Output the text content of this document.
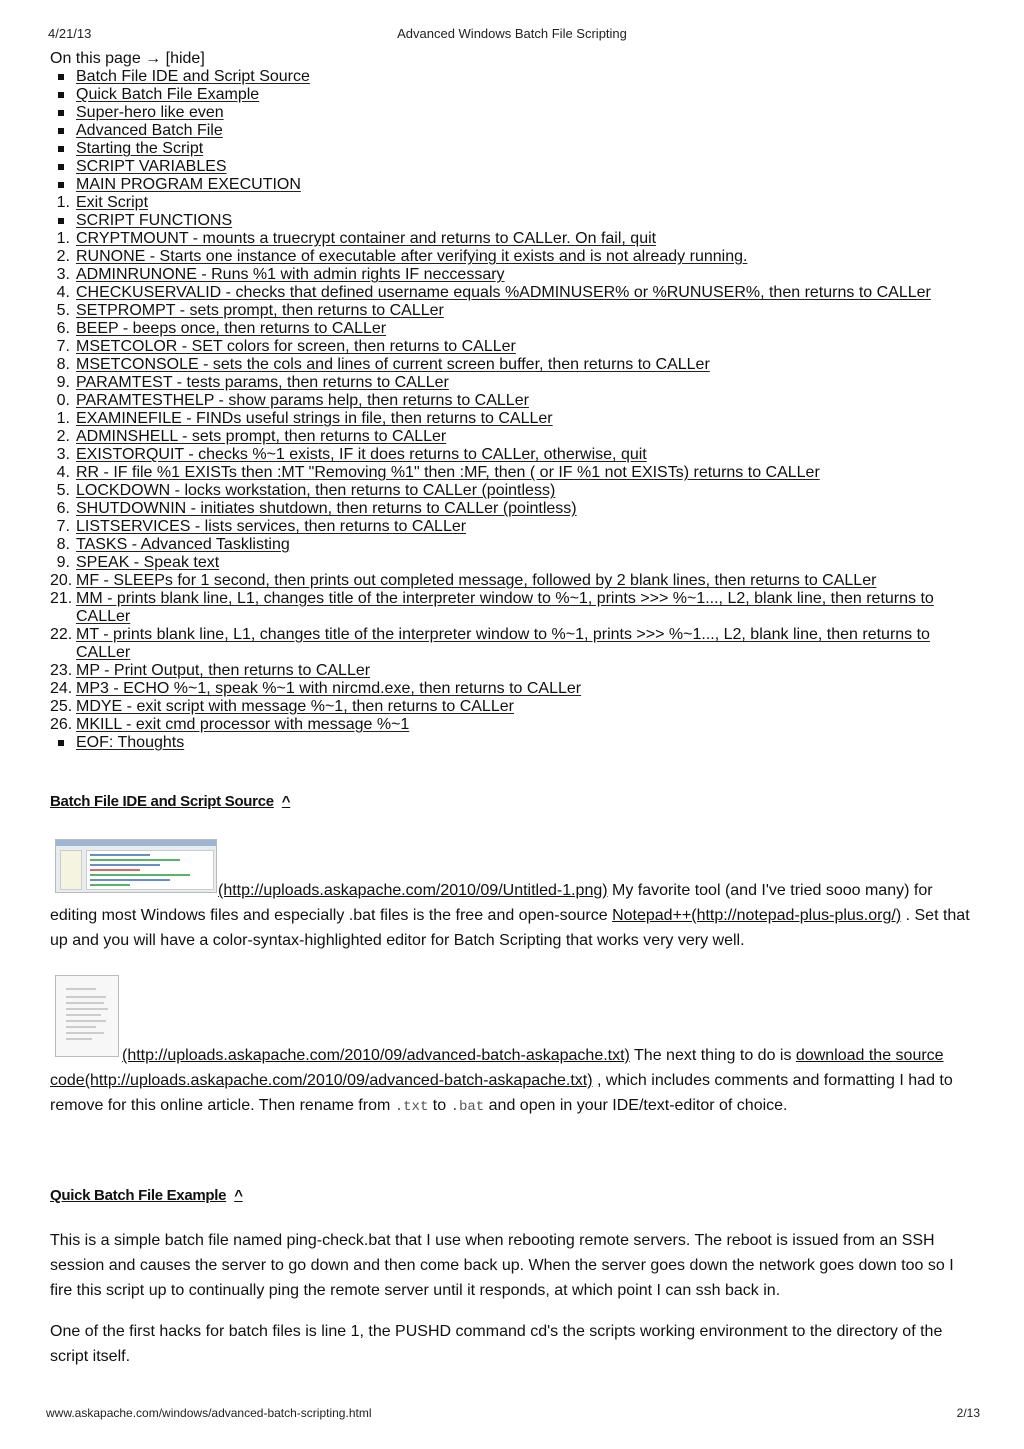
4/21/13	Advanced Windows Batch File Scripting
On this page → [hide]
Batch File IDE and Script Source
Quick Batch File Example
Super-hero like even
Advanced Batch File
Starting the Script
SCRIPT VARIABLES
MAIN PROGRAM EXECUTION
1. Exit Script
SCRIPT FUNCTIONS
1. CRYPTMOUNT - mounts a truecrypt container and returns to CALLer. On fail, quit
2. RUNONE - Starts one instance of executable after verifying it exists and is not already running.
3. ADMINRUNONE - Runs %1 with admin rights IF neccessary
4. CHECKUSERVALID - checks that defined username equals %ADMINUSER% or %RUNUSER%, then returns to CALLer
5. SETPROMPT - sets prompt, then returns to CALLer
6. BEEP - beeps once, then returns to CALLer
7. MSETCOLOR - SET colors for screen, then returns to CALLer
8. MSETCONSOLE - sets the cols and lines of current screen buffer, then returns to CALLer
9. PARAMTEST - tests params, then returns to CALLer
0. PARAMTESTHELP - show params help, then returns to CALLer
1. EXAMINEFILE - FINDs useful strings in file, then returns to CALLer
2. ADMINSHELL - sets prompt, then returns to CALLer
3. EXISTORQUIT - checks %~1 exists, IF it does returns to CALLer, otherwise, quit
4. RR - IF file %1 EXISTs then :MT "Removing %1" then :MF, then ( or IF %1 not EXISTs) returns to CALLer
5. LOCKDOWN - locks workstation, then returns to CALLer (pointless)
6. SHUTDOWNIN - initiates shutdown, then returns to CALLer (pointless)
7. LISTSERVICES - lists services, then returns to CALLer
8. TASKS - Advanced Tasklisting
9. SPEAK - Speak text
20. MF - SLEEPs for 1 second, then prints out completed message, followed by 2 blank lines, then returns to CALLer
21. MM - prints blank line, L1, changes title of the interpreter window to %~1, prints >>> %~1..., L2, blank line, then returns to CALLer
22. MT - prints blank line, L1, changes title of the interpreter window to %~1, prints >>> %~1..., L2, blank line, then returns to CALLer
23. MP - Print Output, then returns to CALLer
24. MP3 - ECHO %~1, speak %~1 with nircmd.exe, then returns to CALLer
25. MDYE - exit script with message %~1, then returns to CALLer
26. MKILL - exit cmd processor with message %~1
EOF: Thoughts
Batch File IDE and Script Source ^
(http://uploads.askapache.com/2010/09/Untitled-1.png) My favorite tool (and I've tried sooo many) for editing most Windows files and especially .bat files is the free and open-source Notepad++(http://notepad-plus-plus.org/) . Set that up and you will have a color-syntax-highlighted editor for Batch Scripting that works very very well.
(http://uploads.askapache.com/2010/09/advanced-batch-askapache.txt) The next thing to do is download the source code(http://uploads.askapache.com/2010/09/advanced-batch-askapache.txt) , which includes comments and formatting I had to remove for this online article. Then rename from .txt to .bat and open in your IDE/text-editor of choice.
Quick Batch File Example ^
This is a simple batch file named ping-check.bat that I use when rebooting remote servers. The reboot is issued from an SSH session and causes the server to go down and then come back up. When the server goes down the network goes down too so I fire this script up to continually ping the remote server until it responds, at which point I can ssh back in.
One of the first hacks for batch files is line 1, the PUSHD command cd's the scripts working environment to the directory of the script itself.
www.askapache.com/windows/advanced-batch-scripting.html	2/13
